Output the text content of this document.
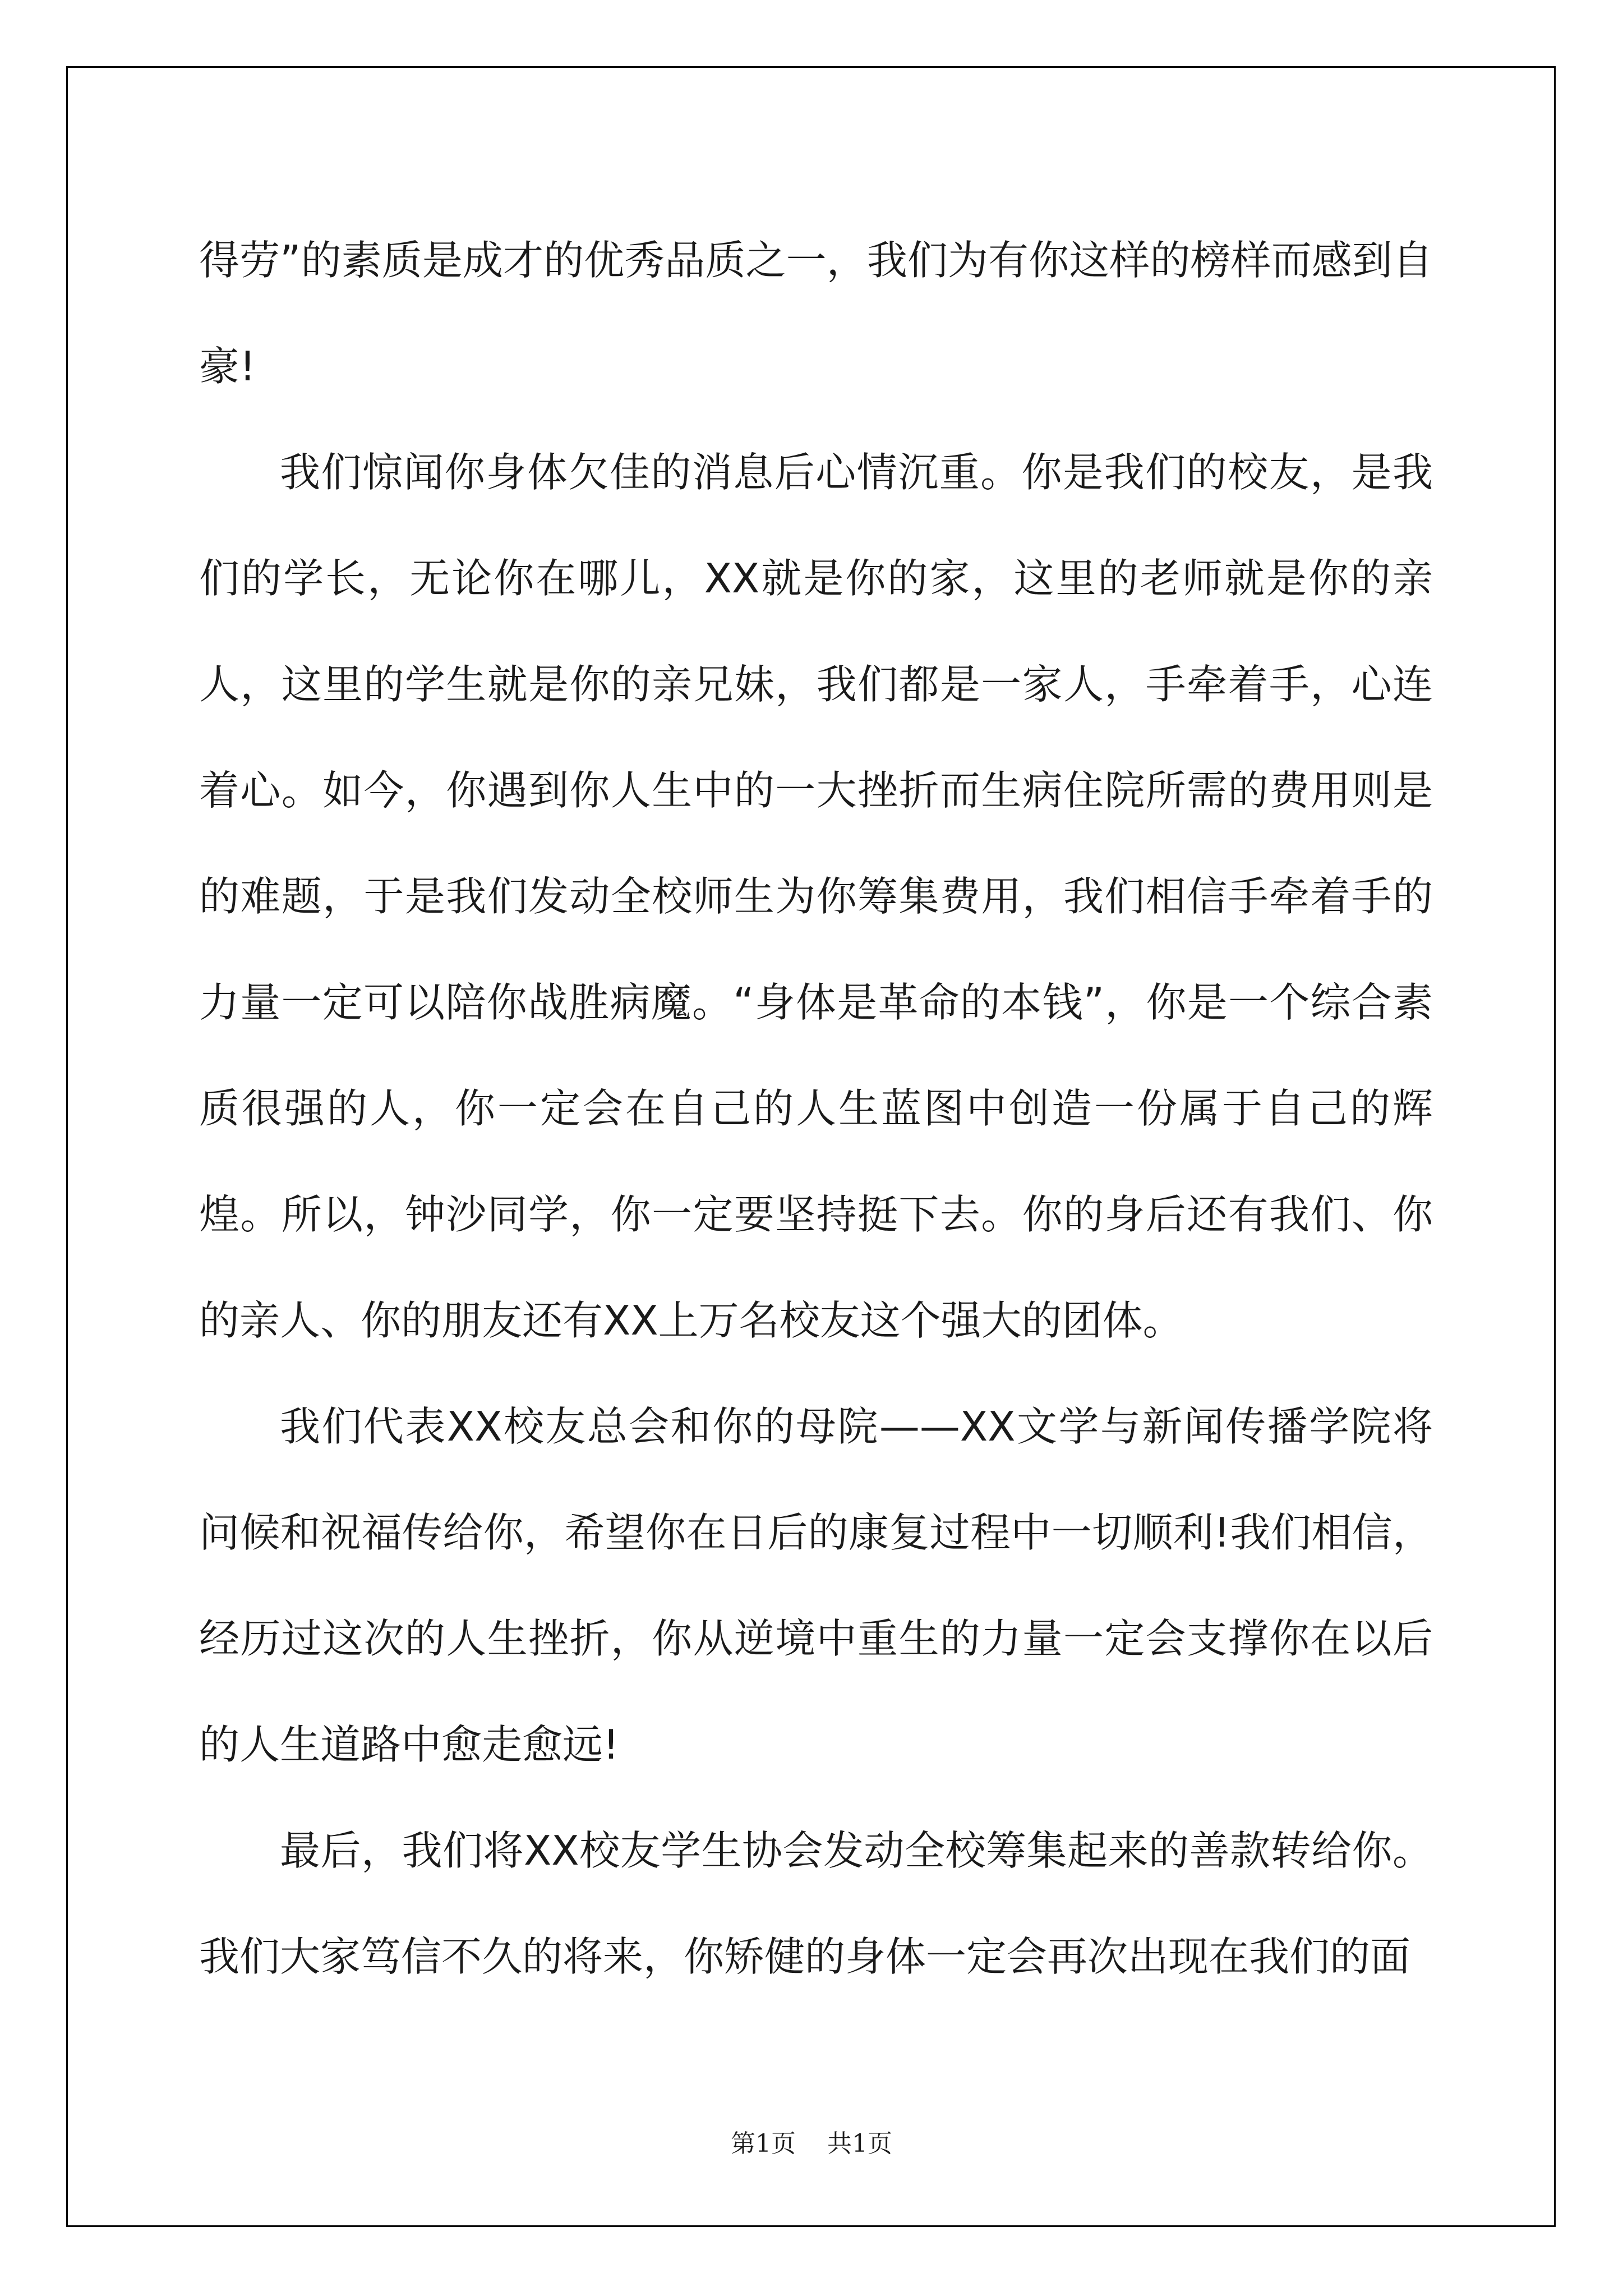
得劳”的素质是成才的优秀品质之一，我们为有你这样的榜样而感到自豪!

我们惊闻你身体欠佳的消息后心情沉重。你是我们的校友，是我们的学长，无论你在哪儿，XX就是你的家，这里的老师就是你的亲人，这里的学生就是你的亲兄妹，我们都是一家人，手牵着手，心连着心。如今，你遇到你人生中的一大挫折而生病住院所需的费用则是的难题，于是我们发动全校师生为你筹集费用，我们相信手牵着手的力量一定可以陪你战胜病魔。“身体是革命的本钱”，你是一个综合素质很强的人，你一定会在自己的人生蓝图中创造一份属于自己的辉煌。所以，钟沙同学，你一定要坚持挺下去。你的身后还有我们、你的亲人、你的朋友还有XX上万名校友这个强大的团体。

我们代表XX校友总会和你的母院——XX文学与新闻传播学院将问候和祝福传给你，希望你在日后的康复过程中一切顺利!我们相信，经历过这次的人生挫折，你从逆境中重生的力量一定会支撑你在以后的人生道路中愈走愈远!

最后，我们将XX校友学生协会发动全校筹集起来的善款转给你。我们大家笃信不久的将来，你矫健的身体一定会再次出现在我们的面

第1页 共1页
